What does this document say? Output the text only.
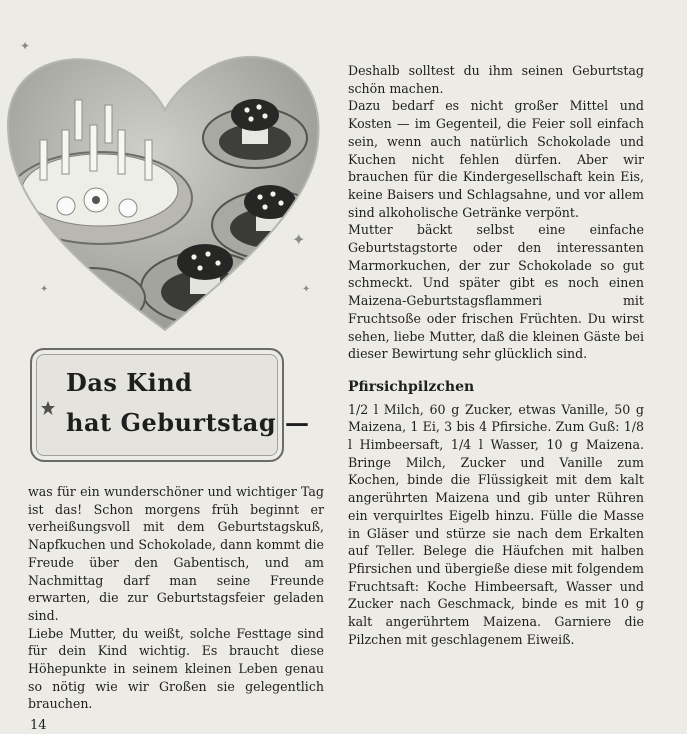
✦
✦
✦
✦
Das Kind
hat Geburtstag —

was für ein wunderschöner und wichtiger Tag ist das! Schon morgens früh beginnt er verheißungsvoll mit dem Geburtstagskuß, Napfkuchen und Schokolade, dann kommt die Freude über den Gabentisch, und am Nachmittag darf man seine Freunde erwarten, die zur Geburtstagsfeier geladen sind.

Liebe Mutter, du weißt, solche Festtage sind für dein Kind wichtig. Es braucht diese Höhepunkte in seinem kleinen Leben genau so nötig wie wir Großen sie gelegentlich brauchen.

Deshalb solltest du ihm seinen Geburtstag schön machen.

Dazu bedarf es nicht großer Mittel und Kosten — im Gegenteil, die Feier soll einfach sein, wenn auch natürlich Schokolade und Kuchen nicht fehlen dürfen. Aber wir brauchen für die Kindergesellschaft kein Eis, keine Baisers und Schlagsahne, und vor allem sind alkoholische Getränke verpönt.

Mutter bäckt selbst eine einfache Geburtstagstorte oder den interessanten Marmorkuchen, der zur Schokolade so gut schmeckt. Und später gibt es noch einen Maizena-Geburtstagsflammeri mit Fruchtsoße oder frischen Früchten. Du wirst sehen, liebe Mutter, daß die kleinen Gäste bei dieser Bewirtung sehr glücklich sind.

Pfirsichpilzchen

1/2 l Milch, 60 g Zucker, etwas Vanille, 50 g Maizena, 1 Ei, 3 bis 4 Pfirsiche. Zum Guß: 1/8 l Himbeersaft, 1/4 l Wasser, 10 g Maizena. Bringe Milch, Zucker und Vanille zum Kochen, binde die Flüssigkeit mit dem kalt angerührten Maizena und gib unter Rühren ein verquirltes Eigelb hinzu. Fülle die Masse in Gläser und stürze sie nach dem Erkalten auf Teller. Belege die Häufchen mit halben Pfirsichen und übergieße diese mit folgendem Fruchtsaft: Koche Himbeersaft, Wasser und Zucker nach Geschmack, binde es mit 10 g kalt angerührtem Maizena. Garniere die Pilzchen mit geschlagenem Eiweiß.

14
